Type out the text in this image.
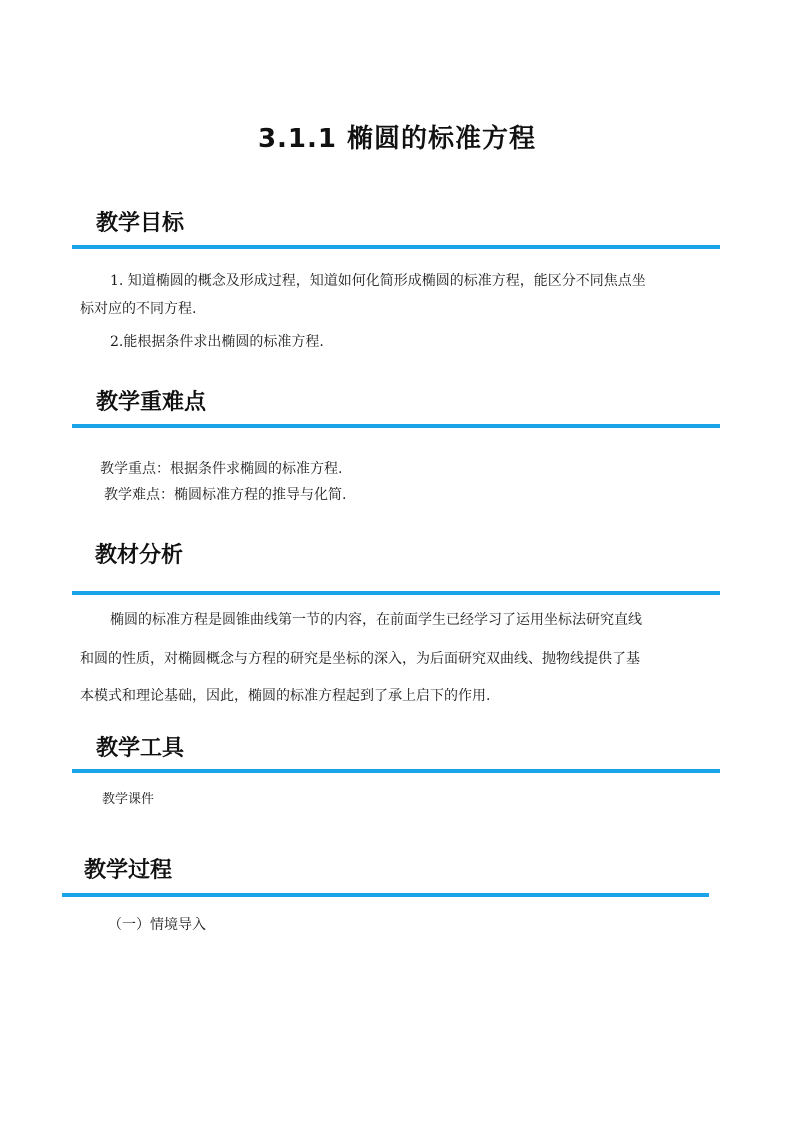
3.1.1 椭圆的标准方程
教学目标
1. 知道椭圆的概念及形成过程，知道如何化简形成椭圆的标准方程，能区分不同焦点坐
标对应的不同方程.
2.能根据条件求出椭圆的标准方程.
教学重难点
教学重点：根据条件求椭圆的标准方程.
教学难点：椭圆标准方程的推导与化简.
教材分析
椭圆的标准方程是圆锥曲线第一节的内容，在前面学生已经学习了运用坐标法研究直线
和圆的性质，对椭圆概念与方程的研究是坐标的深入，为后面研究双曲线、抛物线提供了基
本模式和理论基础，因此，椭圆的标准方程起到了承上启下的作用.
教学工具
教学课件
教学过程
（一）情境导入
